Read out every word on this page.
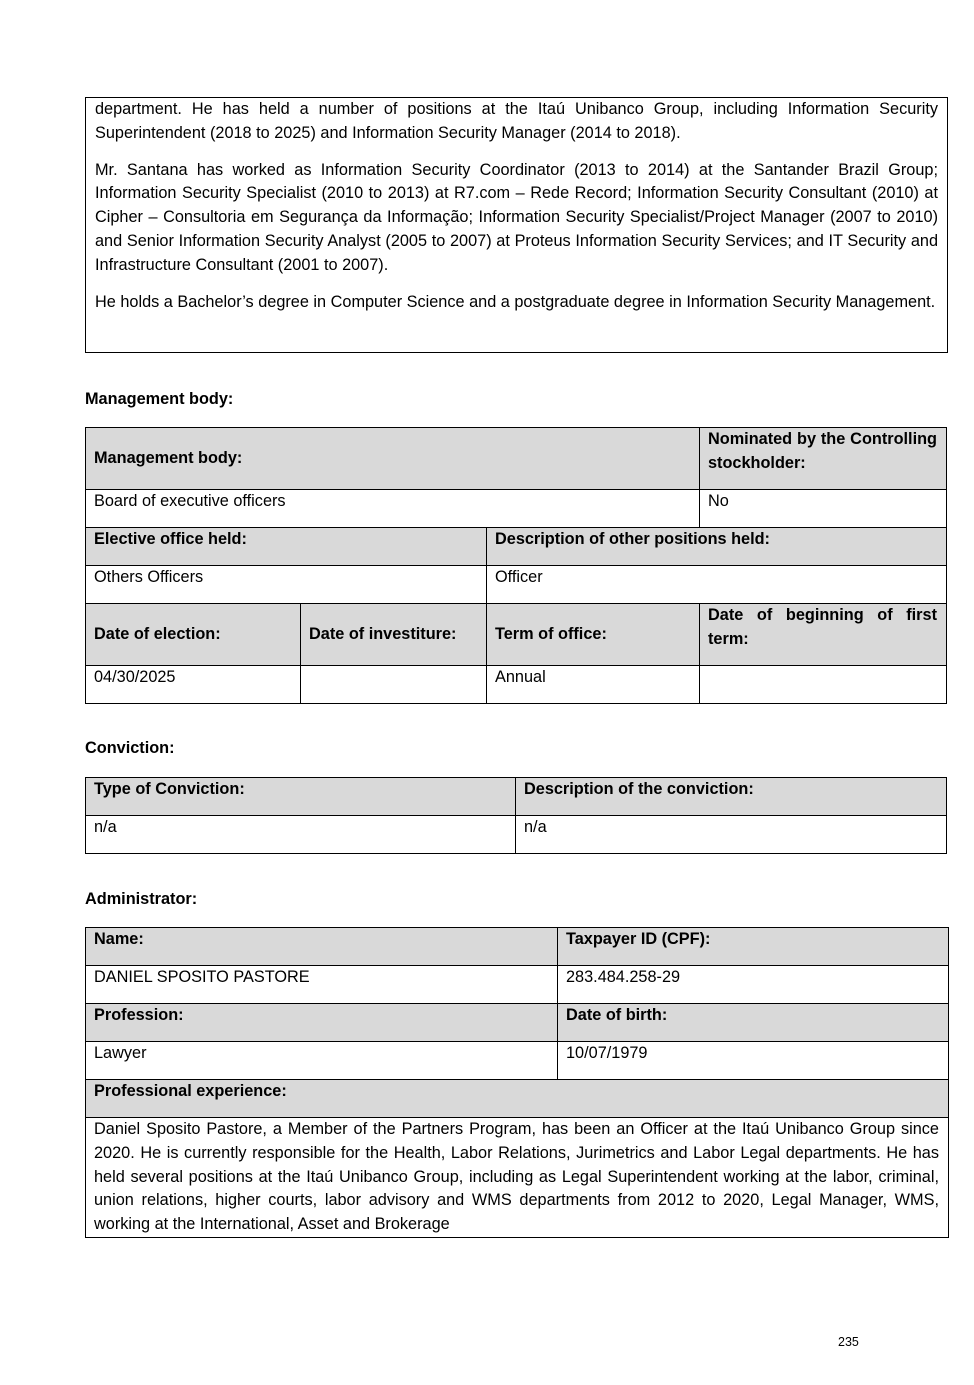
department. He has held a number of positions at the Itaú Unibanco Group, including Information Security Superintendent (2018 to 2025) and Information Security Manager (2014 to 2018).

Mr. Santana has worked as Information Security Coordinator (2013 to 2014) at the Santander Brazil Group; Information Security Specialist (2010 to 2013) at R7.com – Rede Record; Information Security Consultant (2010) at Cipher – Consultoria em Segurança da Informação; Information Security Specialist/Project Manager (2007 to 2010) and Senior Information Security Analyst (2005 to 2007) at Proteus Information Security Services; and IT Security and Infrastructure Consultant (2001 to 2007).

He holds a Bachelor’s degree in Computer Science and a postgraduate degree in Information Security Management.

Management body:

Management body:			Nominated by the Controlling stockholder:
Board of executive officers			No
Elective office held:		Description of other positions held:	
Others Officers		Officer	
Date of election:	Date of investiture:	Term of office:	Date of beginning of first term:
04/30/2025		Annual	

Conviction:

Type of Conviction:	Description of the conviction:
n/a	n/a

Administrator:

Name:	Taxpayer ID (CPF):
DANIEL SPOSITO PASTORE	283.484.258-29
Profession:	Date of birth:
Lawyer	10/07/1979
Professional experience:	
Daniel Sposito Pastore, a Member of the Partners Program, has been an Officer at the Itaú Unibanco Group since 2020. He is currently responsible for the Health, Labor Relations, Jurimetrics and Labor Legal departments. He has held several positions at the Itaú Unibanco Group, including as Legal Superintendent working at the labor, criminal, union relations, higher courts, labor advisory and WMS departments from 2012 to 2020, Legal Manager, WMS, working at the International, Asset and Brokerage	
235
